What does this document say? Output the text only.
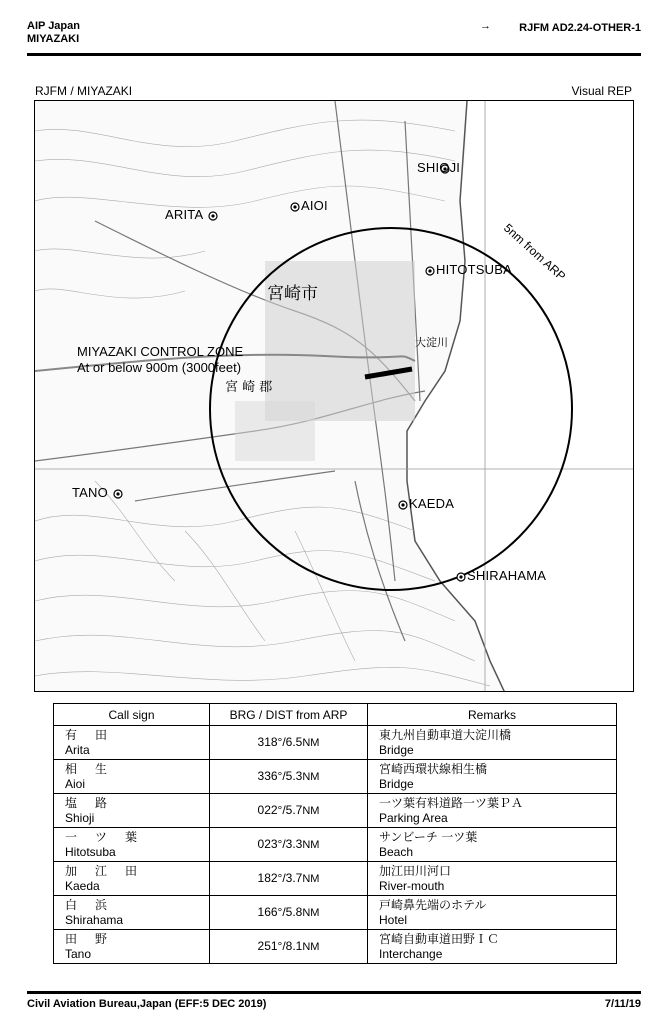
AIP Japan
MIYAZAKI
→	RJFM AD2.24-OTHER-1
RJFM / MIYAZAKI	Visual REP
5nm from ARP
宮崎市
宮 崎 郡
大淀川
SHIOJI
AIOI
ARITA
HITOTSUBA
TANO
KAEDA
SHIRAHAMA
MIYAZAKI CONTROL ZONE
At or below 900m (3000feet)
Call sign	BRG / DIST from ARP	Remarks

有田
Arita	318°/6.5NM	東九州自動車道大淀川橋
Bridge

相生
Aioi	336°/5.3NM	宮崎西環状線相生橋
Bridge

塩路
Shioji	022°/5.7NM	一ツ葉有料道路一ツ葉ＰＡ
Parking Area

一ツ葉
Hitotsuba	023°/3.3NM	サンビーチ 一ツ葉
Beach

加江田
Kaeda	182°/3.7NM	加江田川河口
River-mouth

白浜
Shirahama	166°/5.8NM	戸崎鼻先端のホテル
Hotel

田野
Tano	251°/8.1NM	宮崎自動車道田野ＩＣ
Interchange
Civil Aviation Bureau,Japan (EFF:5 DEC 2019)	7/11/19
